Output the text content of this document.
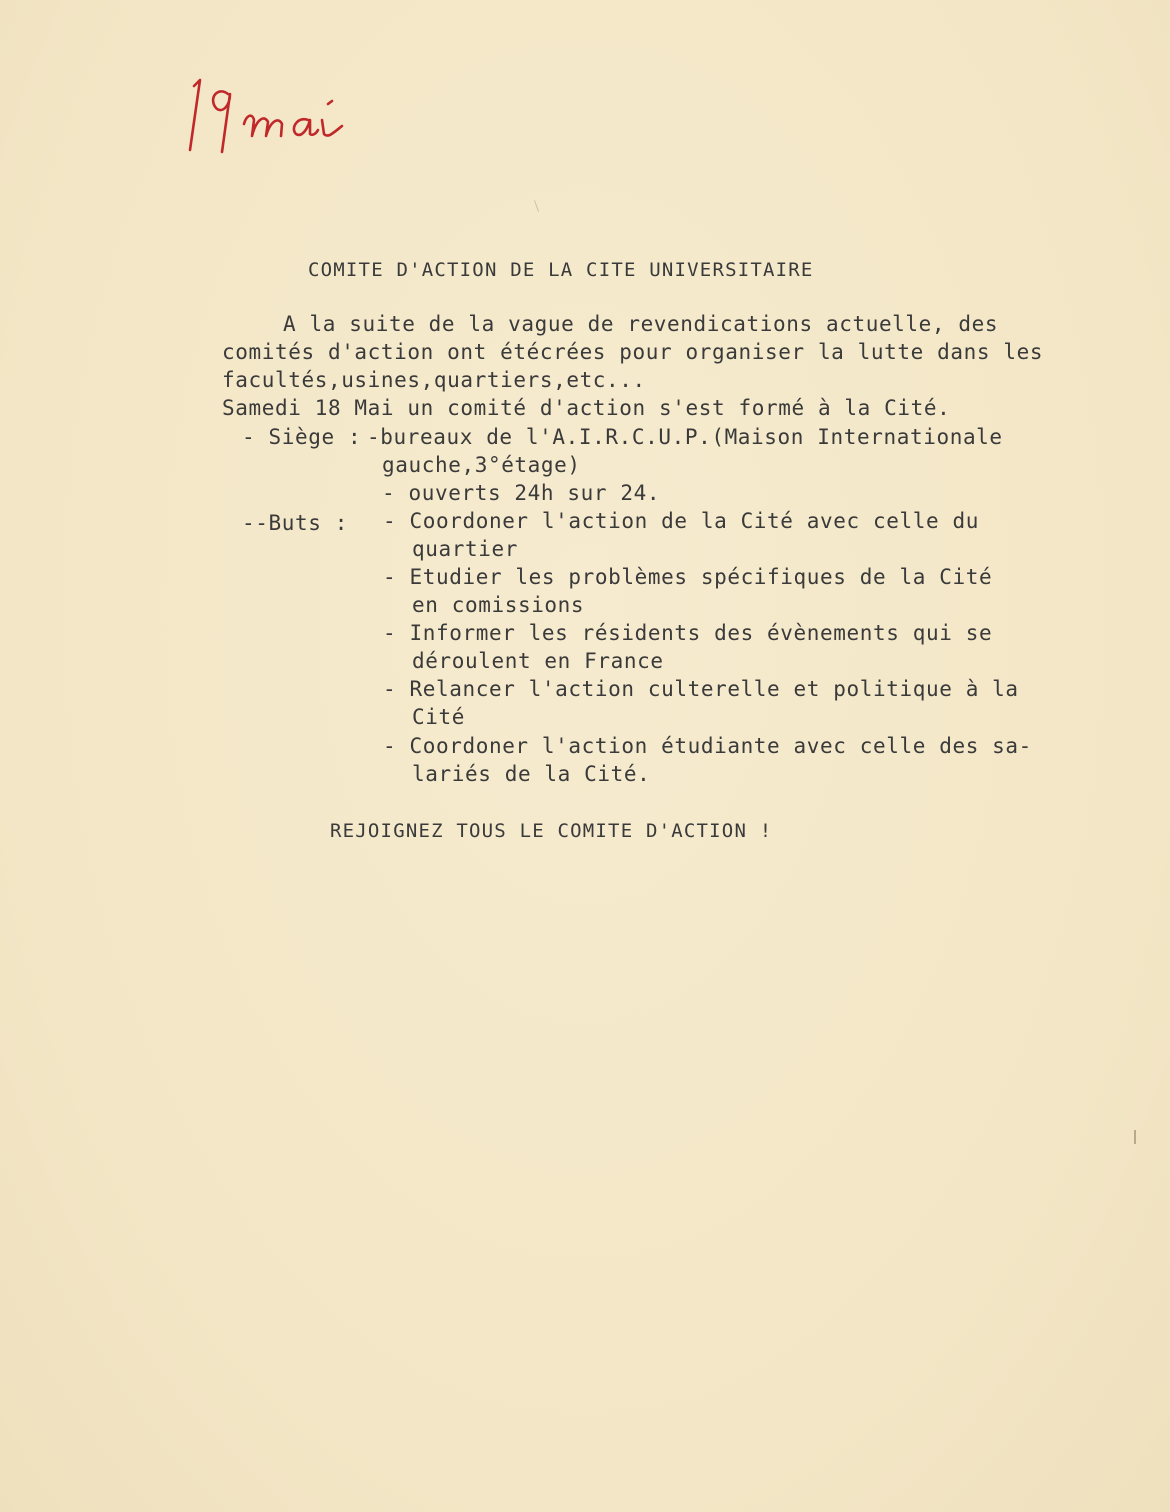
COMITE D'ACTION DE LA CITE UNIVERSITAIRE
A la suite de la vague de revendications actuelle, des
comités d'action ont étécrées pour organiser la lutte dans les
facultés,usines,quartiers,etc...
Samedi 18 Mai un comité d'action s'est formé à la Cité.
- Siège : -bureaux de l'A.I.R.C.U.P.(Maison Internationale
gauche,3°étage)
- ouverts 24h sur 24.
--Buts : - Coordoner l'action de la Cité avec celle du
quartier
- Etudier les problèmes spécifiques de la Cité
en comissions
- Informer les résidents des évènements qui se
déroulent en France
- Relancer l'action culterelle et politique à la
Cité
- Coordoner l'action étudiante avec celle des sa-
lariés de la Cité.
REJOIGNEZ TOUS LE COMITE D'ACTION !
